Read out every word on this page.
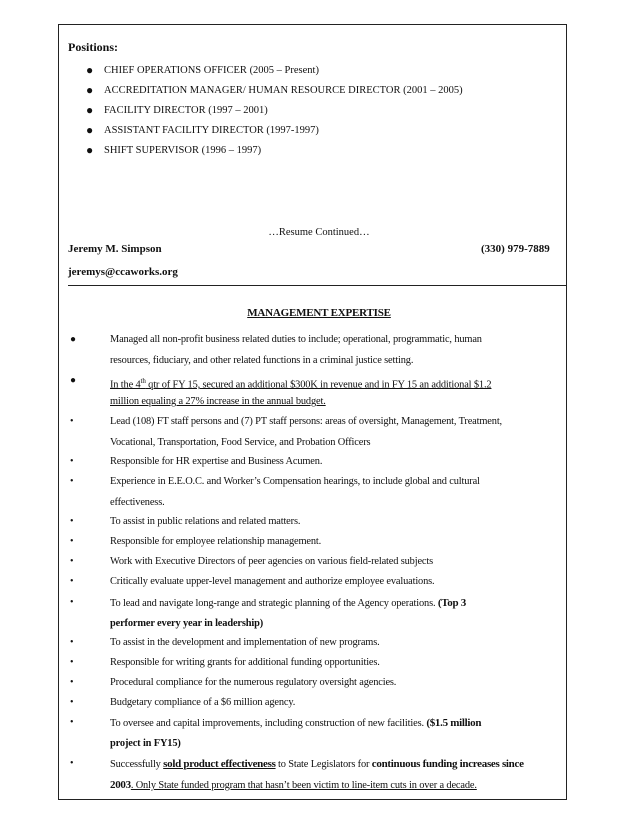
Positions:
●	CHIEF OPERATIONS OFFICER (2005 – Present)
●	ACCREDITATION MANAGER/ HUMAN RESOURCE DIRECTOR (2001 – 2005)
●	FACILITY DIRECTOR (1997 – 2001)
●	ASSISTANT FACILITY DIRECTOR (1997-1997)
●	SHIFT SUPERVISOR (1996 – 1997)
…Resume Continued…
Jeremy M. Simpson	(330) 979-7889
jeremys@ccaworks.org
MANAGEMENT EXPERTISE
●	Managed all non-profit business related duties to include; operational, programmatic, human
resources, fiduciary, and other related functions in a criminal justice setting.
●	In the 4th qtr of FY 15, secured an additional $300K in revenue and in FY 15 an additional $1.2
million equaling a 27% increase in the annual budget.
•	Lead (108) FT staff persons and (7) PT staff persons: areas of oversight, Management, Treatment,
Vocational, Transportation, Food Service, and Probation Officers
•	Responsible for HR expertise and Business Acumen.
•	Experience in E.E.O.C. and Worker’s Compensation hearings, to include global and cultural
effectiveness.
•	To assist in public relations and related matters.
•	Responsible for employee relationship management.
•	Work with Executive Directors of peer agencies on various field-related subjects
•	Critically evaluate upper-level management and authorize employee evaluations.
•	To lead and navigate long-range and strategic planning of the Agency operations. (Top 3
performer every year in leadership)
•	To assist in the development and implementation of new programs.
•	Responsible for writing grants for additional funding opportunities.
•	Procedural compliance for the numerous regulatory oversight agencies.
•	Budgetary compliance of a $6 million agency.
•	To oversee and capital improvements, including construction of new facilities. ($1.5 million
project in FY15)
•	Successfully sold product effectiveness to State Legislators for continuous funding increases since
2003. Only State funded program that hasn’t been victim to line-item cuts in over a decade.
